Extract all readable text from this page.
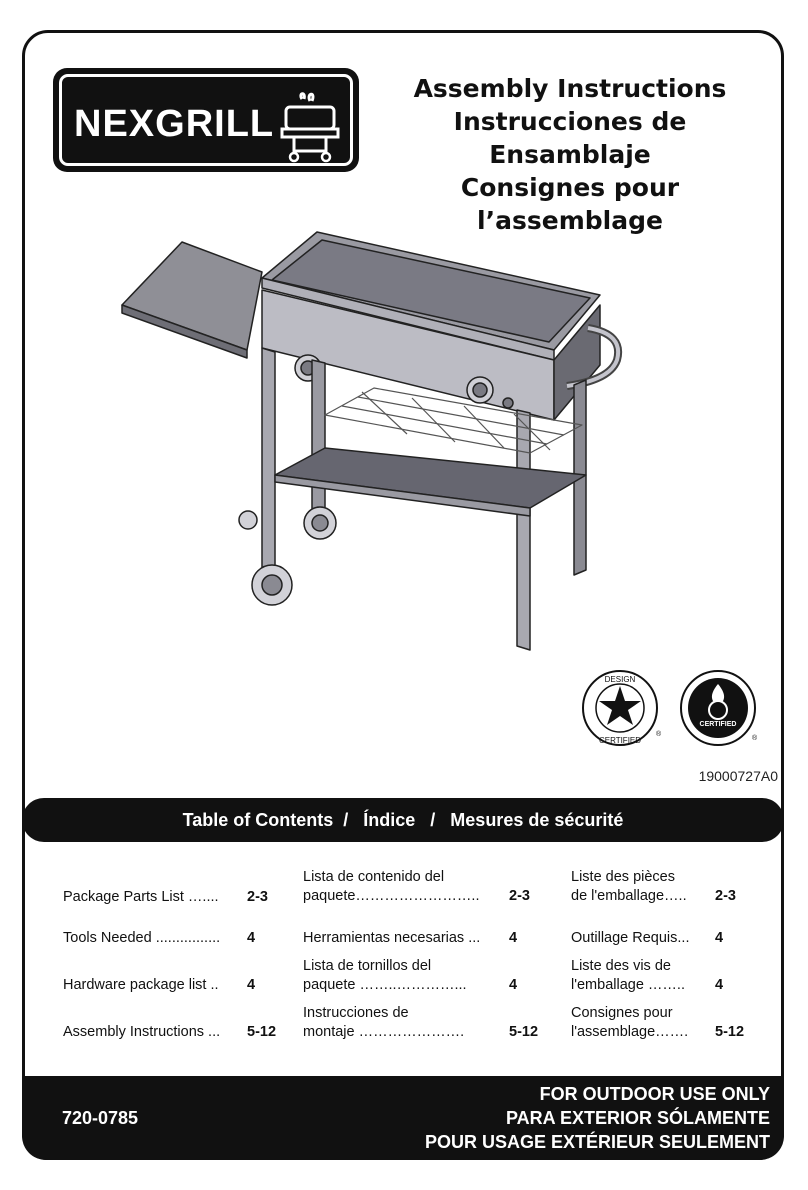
NEXGRILL
Assembly Instructions
Instrucciones de Ensamblaje
Consignes pour
l’assemblage
DESIGN
CERTIFIED
®
CERTIFIED
®
19000727A0
Table of Contents  /   Índice   /   Mesures de sécurité
Package Parts List ….... 2-3
Tools Needed ................ 4
Hardware package list .. 4
Assembly Instructions ... 5-12
Lista de contenido del
paquete……………………..	2-3
Herramientas necesarias ...	4
Lista de tornillos del
paquete ……..…………...	4
Instrucciones de
montaje ………………….	5-12
Liste des pièces
de l'emballage…..	2-3
Outillage Requis...	4
Liste des vis de
l'emballage ……..	4
Consignes pour
l'assemblage…….	5-12
720-0785
FOR OUTDOOR USE ONLY
PARA EXTERIOR SÓLAMENTE
POUR USAGE EXTÉRIEUR SEULEMENT
